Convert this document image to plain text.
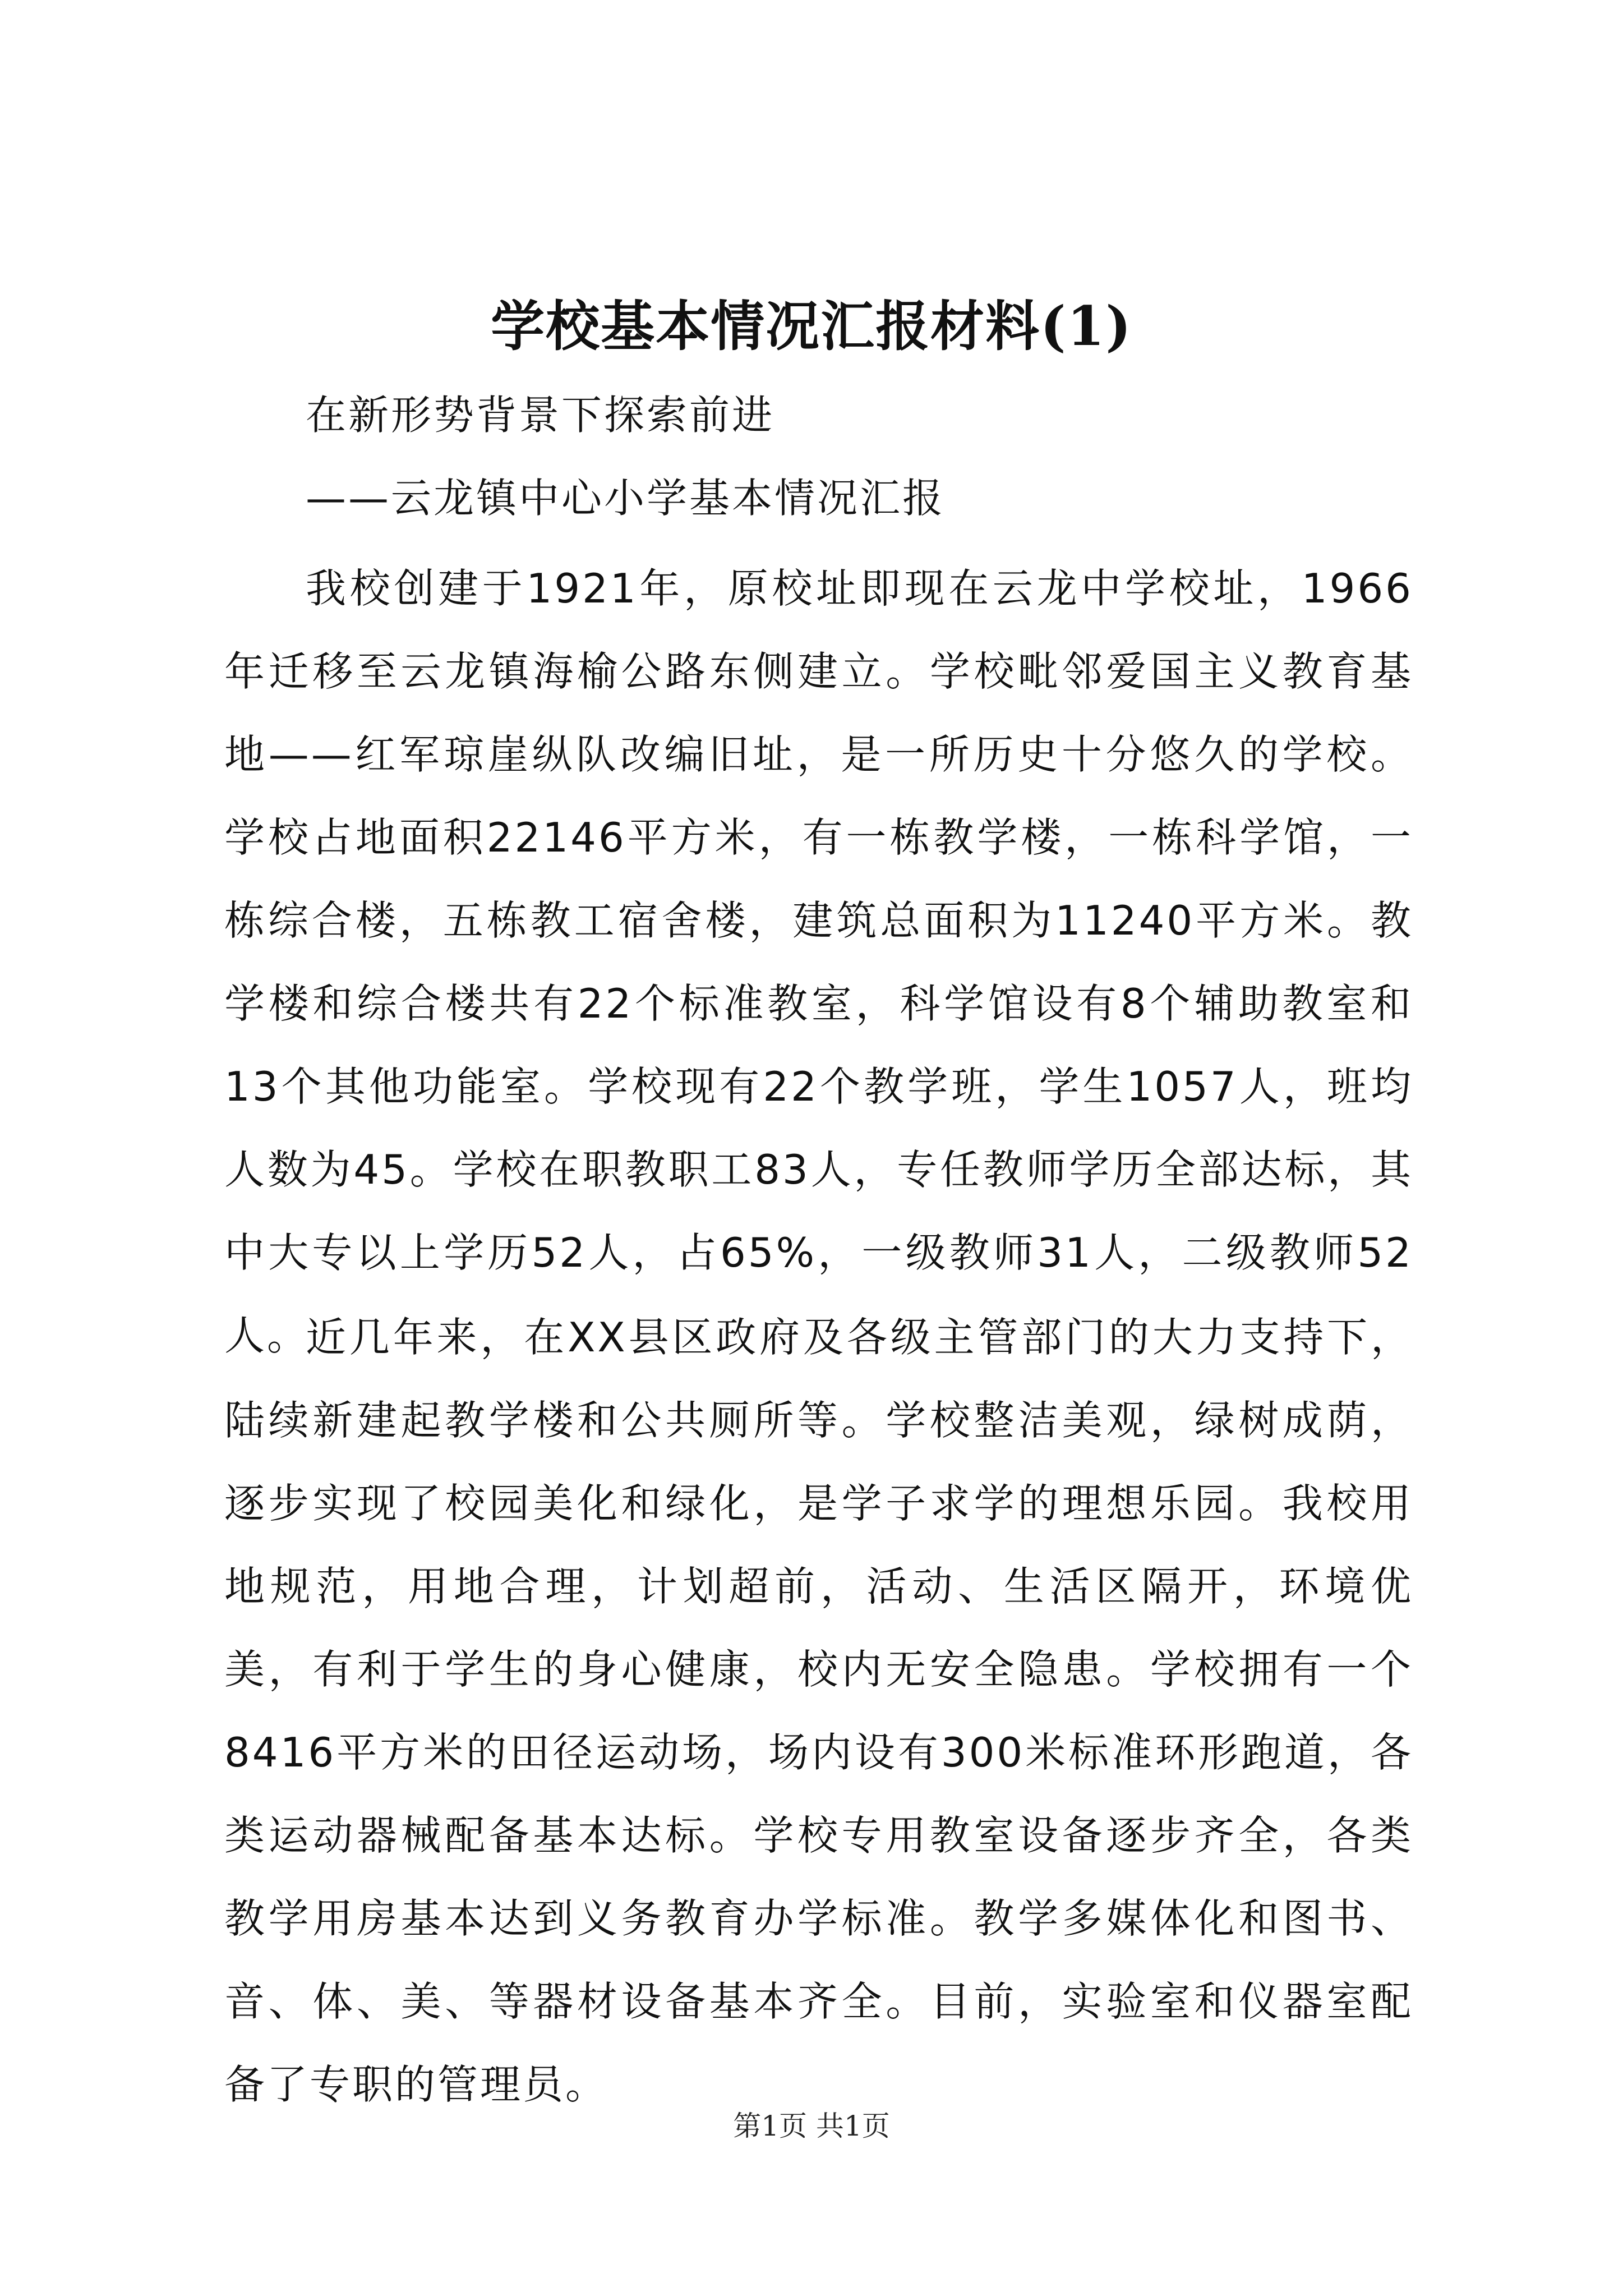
学校基本情况汇报材料(1)

在新形势背景下探索前进

——云龙镇中心小学基本情况汇报

我校创建于1921年，原校址即现在云龙中学校址，1966年迁移至云龙镇海榆公路东侧建立。学校毗邻爱国主义教育基地——红军琼崖纵队改编旧址，是一所历史十分悠久的学校。学校占地面积22146平方米，有一栋教学楼，一栋科学馆，一栋综合楼，五栋教工宿舍楼，建筑总面积为11240平方米。教学楼和综合楼共有22个标准教室，科学馆设有8个辅助教室和13个其他功能室。学校现有22个教学班，学生1057人，班均人数为45。学校在职教职工83人，专任教师学历全部达标，其中大专以上学历52人，占65%，一级教师31人，二级教师52人。

近几年来，在XX县区政府及各级主管部门的大力支持下，陆续新建起教学楼和公共厕所等。学校整洁美观，绿树成荫，逐步实现了校园美化和绿化，是学子求学的理想乐园。我校用地规范，用地合理，计划超前，活动、生活区隔开，环境优美，有利于学生的身心健康，校内无安全隐患。学校拥有一个8416平方米的田径运动场，场内设有300米标准环形跑道，各类运动器械配备基本达标。学校专用教室设备逐步齐全，各类教学用房基本达到义务教育办学标准。教学多媒体化和图书、音、体、美、等器材设备基本齐全。目前，实验室和仪器室配备了专职的管理员。

第1页 共1页
